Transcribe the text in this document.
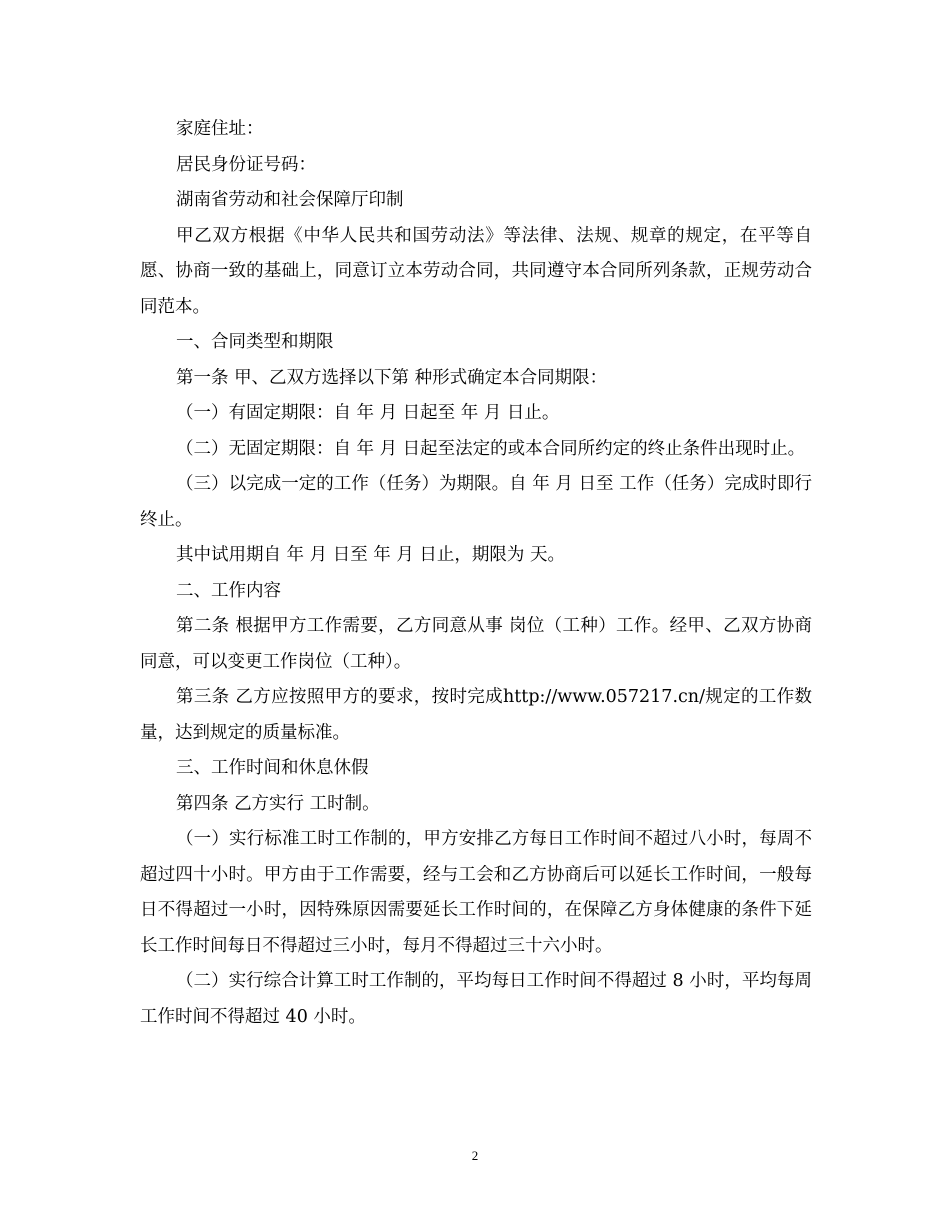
家庭住址：

居民身份证号码：

湖南省劳动和社会保障厅印制

甲乙双方根据《中华人民共和国劳动法》等法律、法规、规章的规定，在平等自愿、协商一致的基础上，同意订立本劳动合同，共同遵守本合同所列条款，正规劳动合同范本。

一、合同类型和期限

第一条 甲、乙双方选择以下第 种形式确定本合同期限：

（一）有固定期限：自 年 月 日起至 年 月 日止。

（二）无固定期限：自 年 月 日起至法定的或本合同所约定的终止条件出现时止。

（三）以完成一定的工作（任务）为期限。自 年 月 日至 工作（任务）完成时即行终止。

其中试用期自 年 月 日至 年 月 日止，期限为 天。

二、工作内容

第二条 根据甲方工作需要，乙方同意从事 岗位（工种）工作。经甲、乙双方协商同意，可以变更工作岗位（工种）。

第三条 乙方应按照甲方的要求，按时完成http://www.057217.cn/规定的工作数量，达到规定的质量标准。

三、工作时间和休息休假

第四条 乙方实行 工时制。

（一）实行标准工时工作制的，甲方安排乙方每日工作时间不超过八小时，每周不超过四十小时。甲方由于工作需要，经与工会和乙方协商后可以延长工作时间，一般每日不得超过一小时，因特殊原因需要延长工作时间的，在保障乙方身体健康的条件下延长工作时间每日不得超过三小时，每月不得超过三十六小时。

（二）实行综合计算工时工作制的，平均每日工作时间不得超过 8 小时，平均每周工作时间不得超过 40 小时。

2
